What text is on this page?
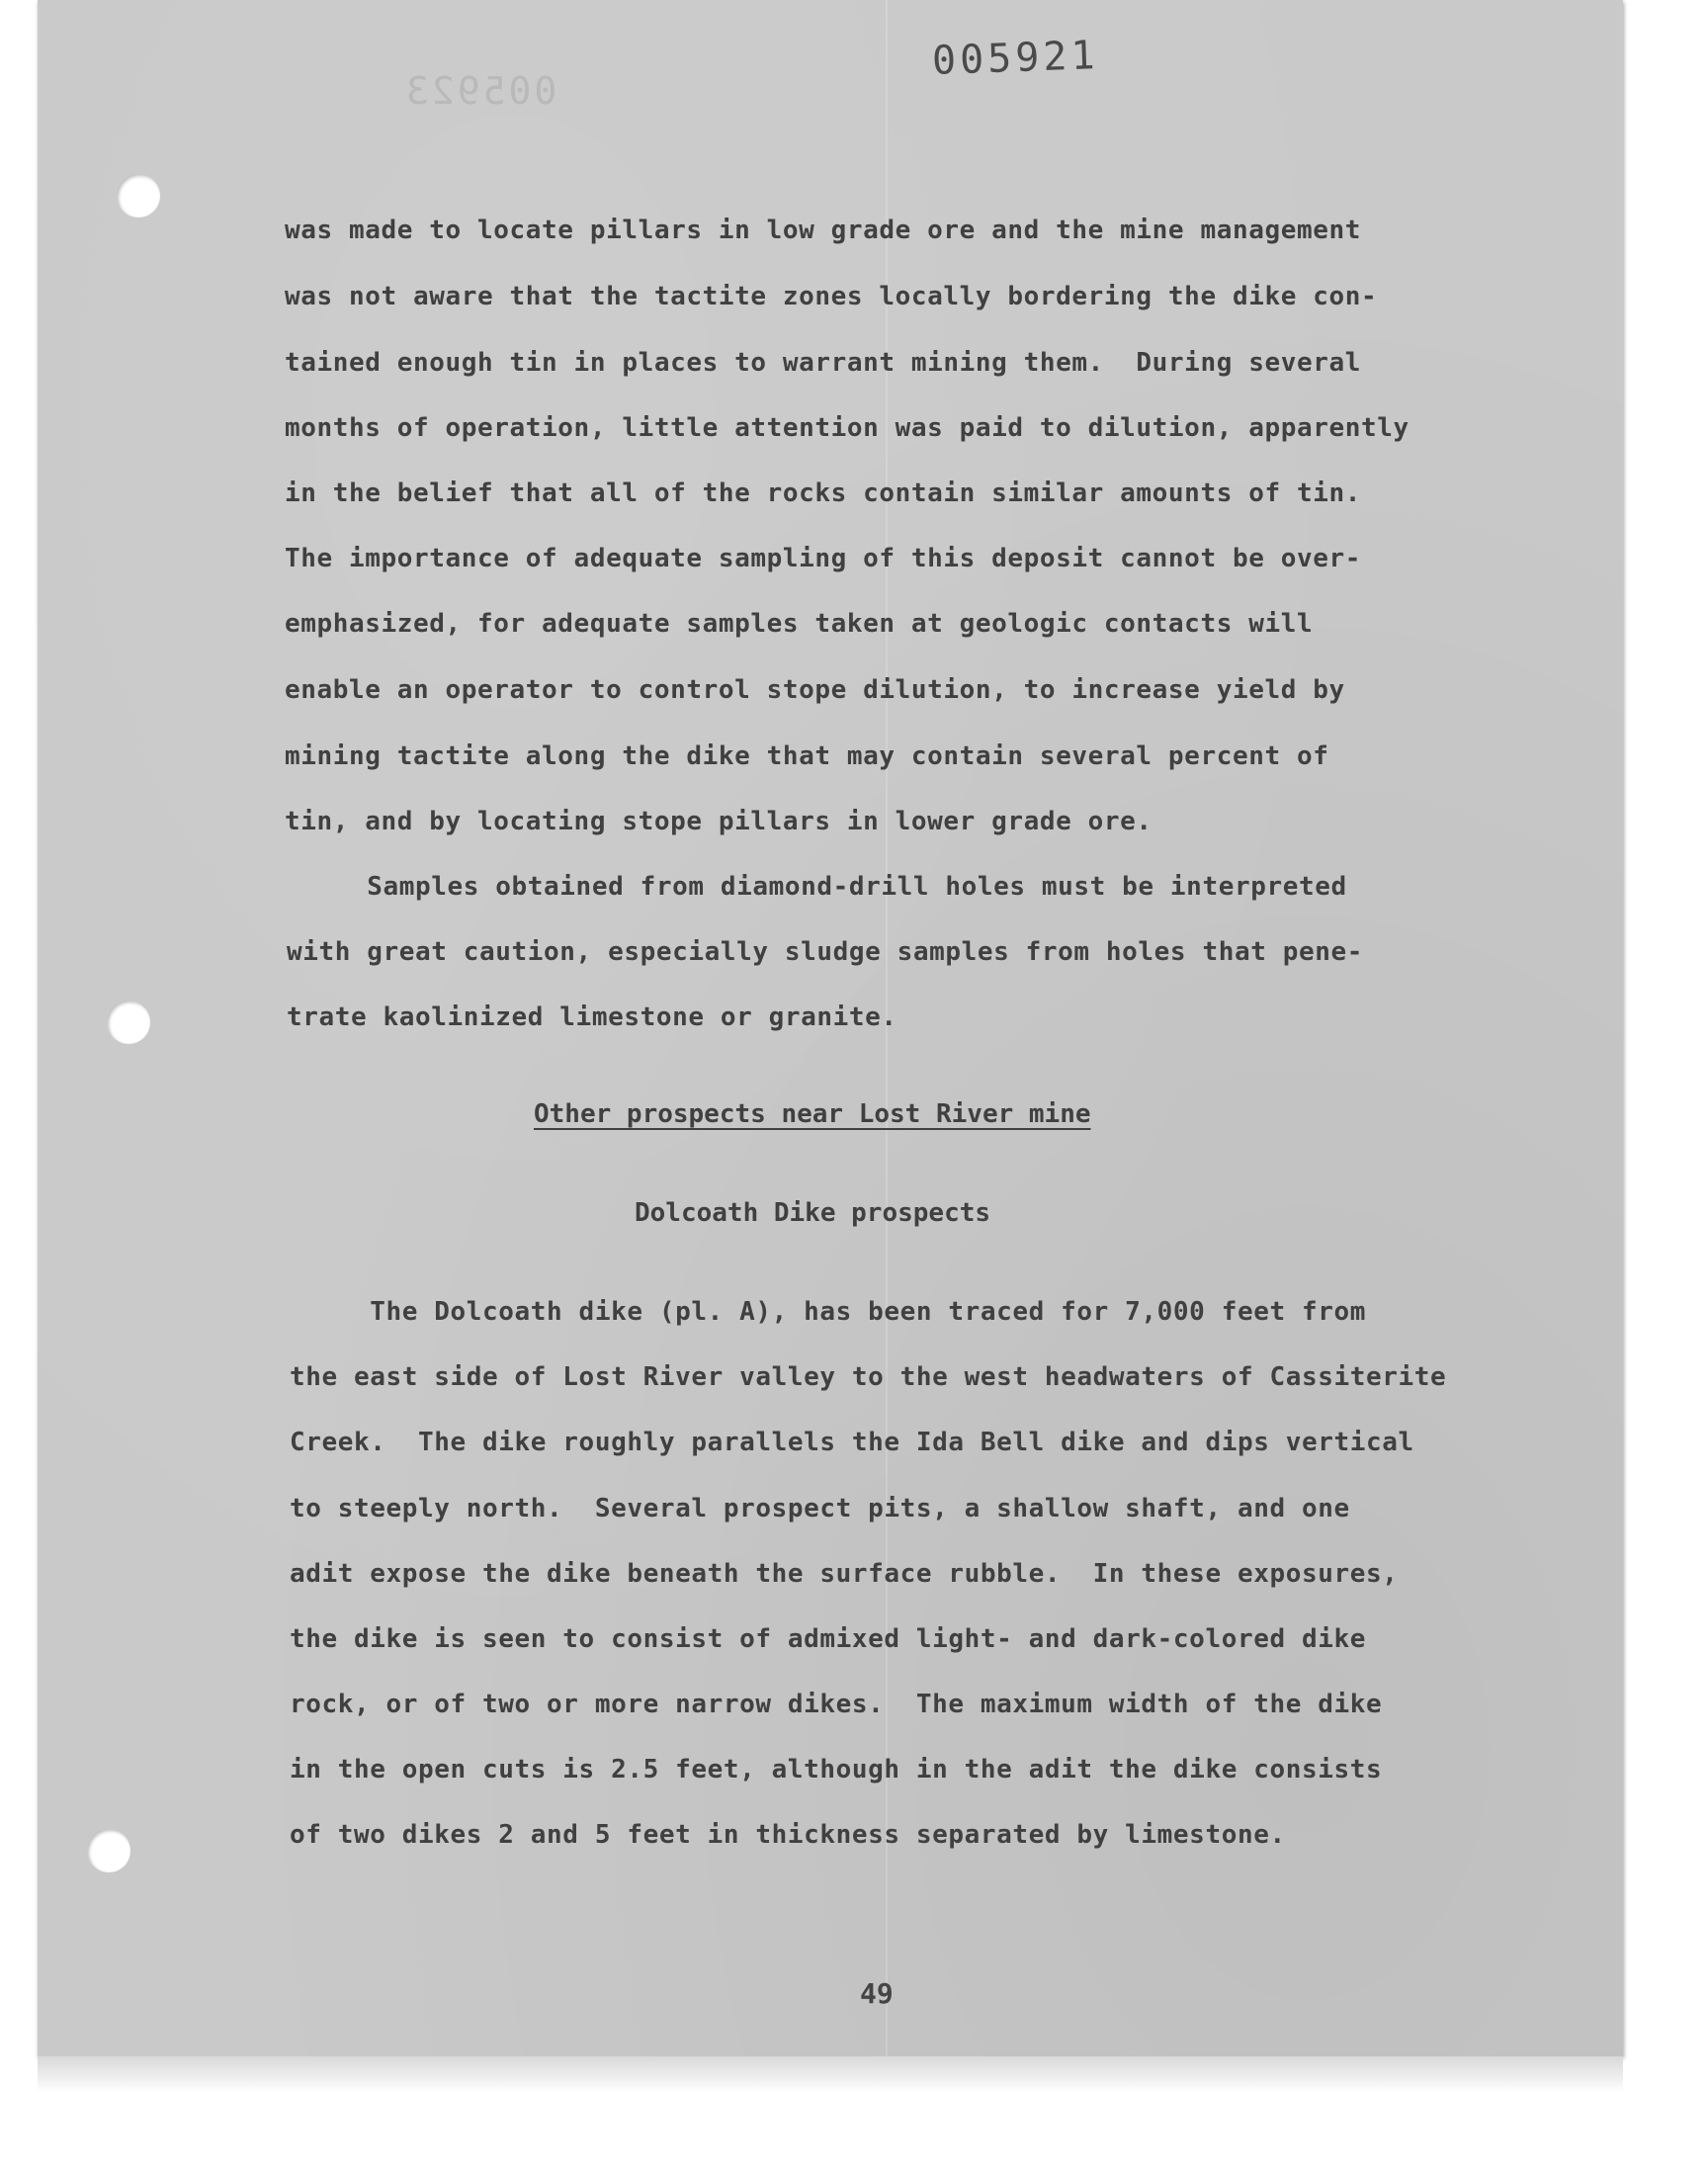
005923
005921
was made to locate pillars in low grade ore and the mine management
was not aware that the tactite zones locally bordering the dike con-
tained enough tin in places to warrant mining them.  During several
months of operation, little attention was paid to dilution, apparently
in the belief that all of the rocks contain similar amounts of tin.
The importance of adequate sampling of this deposit cannot be over-
emphasized, for adequate samples taken at geologic contacts will
enable an operator to control stope dilution, to increase yield by
mining tactite along the dike that may contain several percent of
tin, and by locating stope pillars in lower grade ore.
Samples obtained from diamond-drill holes must be interpreted
with great caution, especially sludge samples from holes that pene-
trate kaolinized limestone or granite.
Other prospects near Lost River mine
Dolcoath Dike prospects
The Dolcoath dike (pl. A), has been traced for 7,000 feet from
the east side of Lost River valley to the west headwaters of Cassiterite
Creek.  The dike roughly parallels the Ida Bell dike and dips vertical
to steeply north.  Several prospect pits, a shallow shaft, and one
adit expose the dike beneath the surface rubble.  In these exposures,
the dike is seen to consist of admixed light- and dark-colored dike
rock, or of two or more narrow dikes.  The maximum width of the dike
in the open cuts is 2.5 feet, although in the adit the dike consists
of two dikes 2 and 5 feet in thickness separated by limestone.
49
